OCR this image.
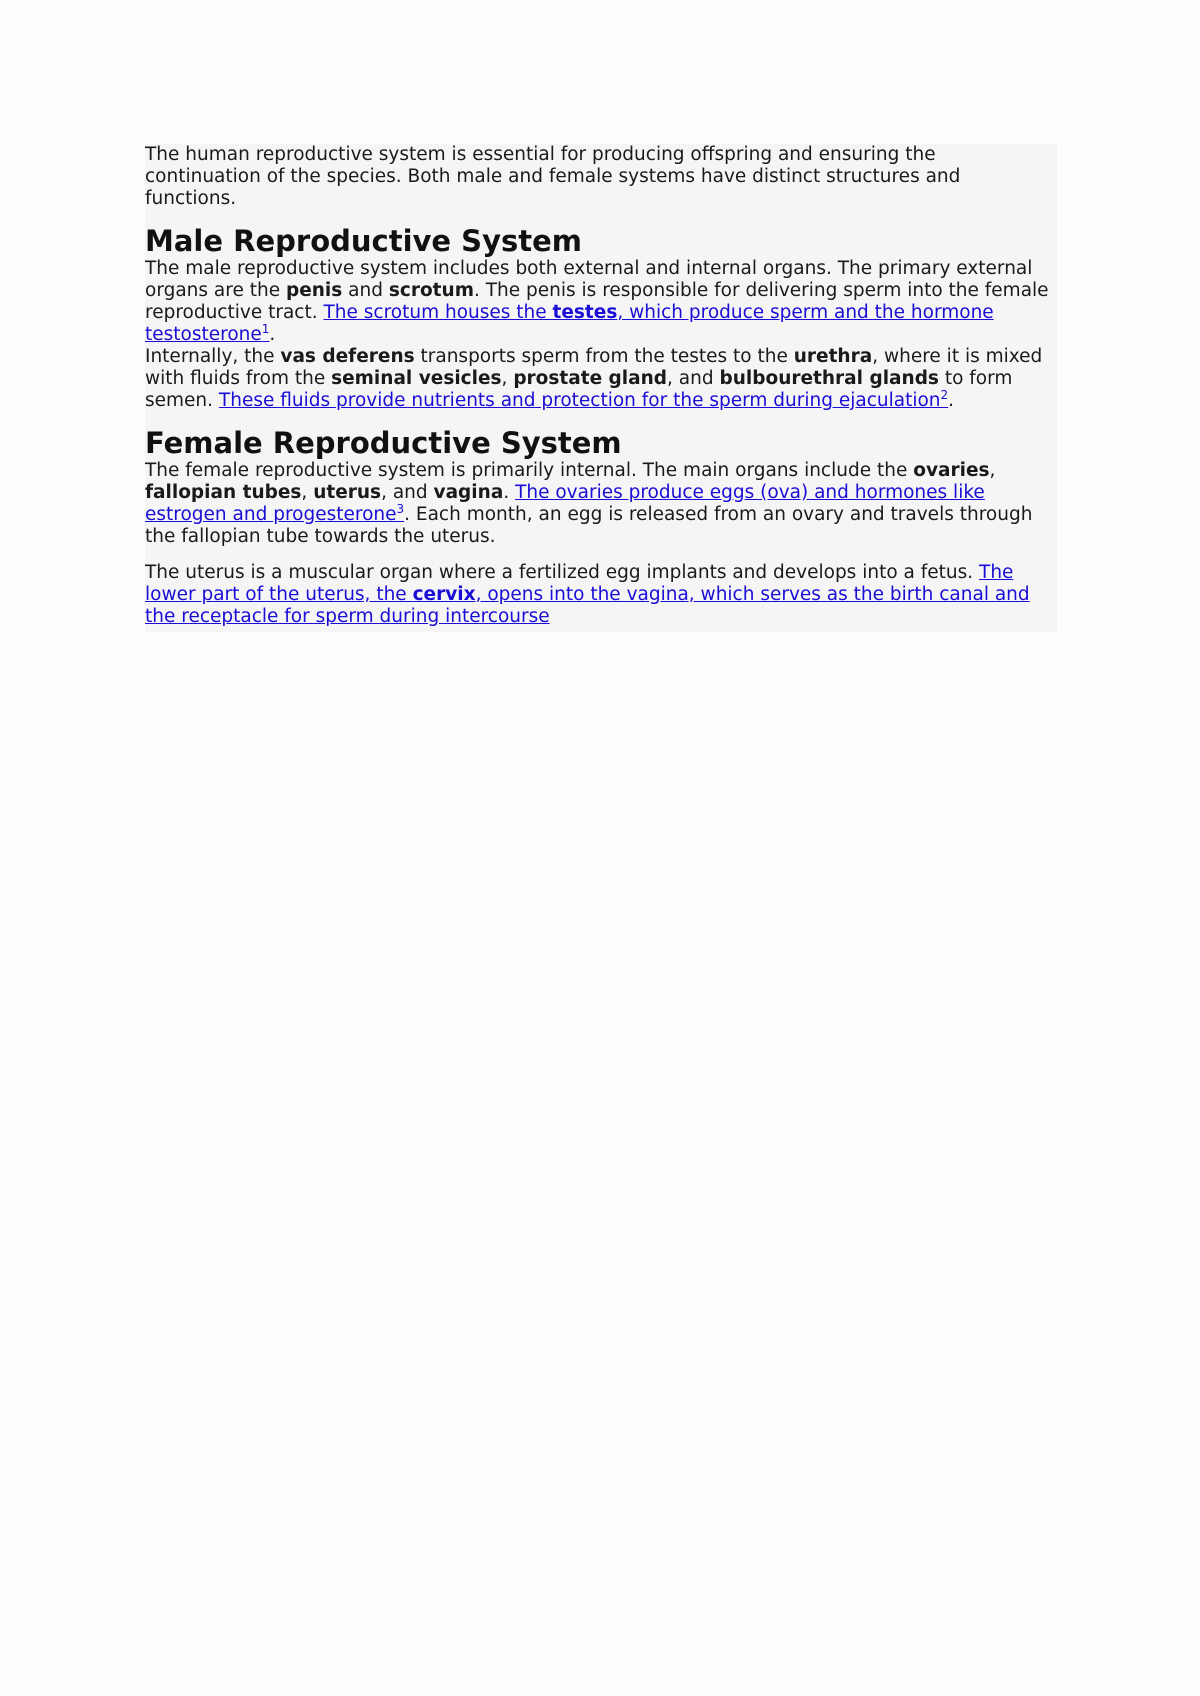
The human reproductive system is essential for producing offspring and ensuring the continuation of the species. Both male and female systems have distinct structures and functions.

Male Reproductive System

The male reproductive system includes both external and internal organs. The primary external organs are the penis and scrotum. The penis is responsible for delivering sperm into the female reproductive tract. The scrotum houses the testes, which produce sperm and the hormone testosterone$^1$.

Internally, the vas deferens transports sperm from the testes to the urethra, where it is mixed with fluids from the seminal vesicles, prostate gland, and bulbourethral glands to form semen. These fluids provide nutrients and protection for the sperm during ejaculation$^2$.

Female Reproductive System

The female reproductive system is primarily internal. The main organs include the ovaries, fallopian tubes, uterus, and vagina. The ovaries produce eggs (ova) and hormones like estrogen and progesterone$^3$. Each month, an egg is released from an ovary and travels through the fallopian tube towards the uterus.

The uterus is a muscular organ where a fertilized egg implants and develops into a fetus. The lower part of the uterus, the cervix, opens into the vagina, which serves as the birth canal and the receptacle for sperm during intercourse
